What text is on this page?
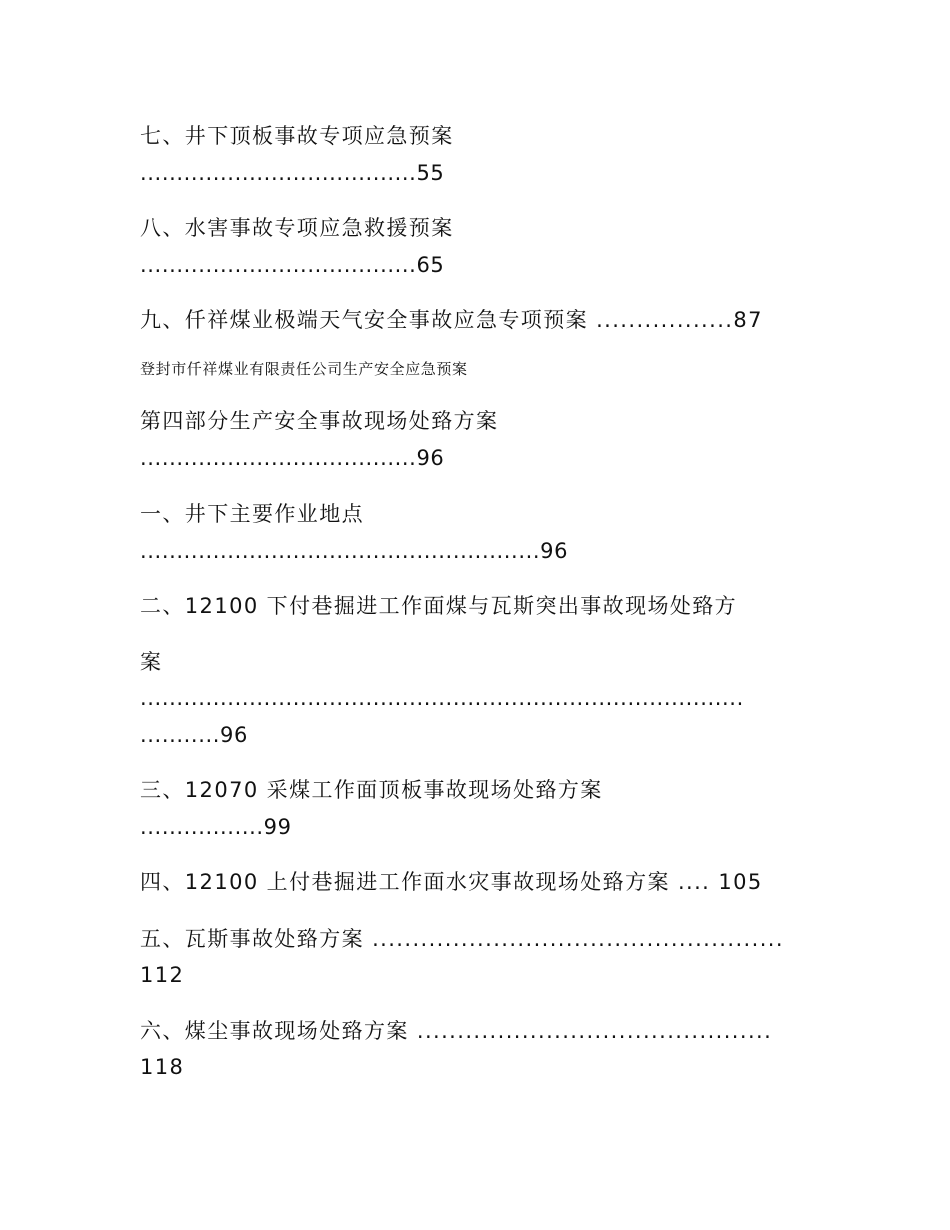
七、井下顶板事故专项应急预案
......................................55
八、水害事故专项应急救援预案
......................................65
九、仟祥煤业极端天气安全事故应急专项预案 .................87
登封市仟祥煤业有限责任公司生产安全应急预案
第四部分生产安全事故现场处臵方案
......................................96
一、井下主要作业地点
.......................................................96
二、12100 下付巷掘进工作面煤与瓦斯突出事故现场处臵方
案
...................................................................................
...........96
三、12070 采煤工作面顶板事故现场处臵方案
.................99
四、12100 上付巷掘进工作面水灾事故现场处臵方案 .... 105
五、瓦斯事故处臵方案 ...................................................
112
六、煤尘事故现场处臵方案 ............................................
118
